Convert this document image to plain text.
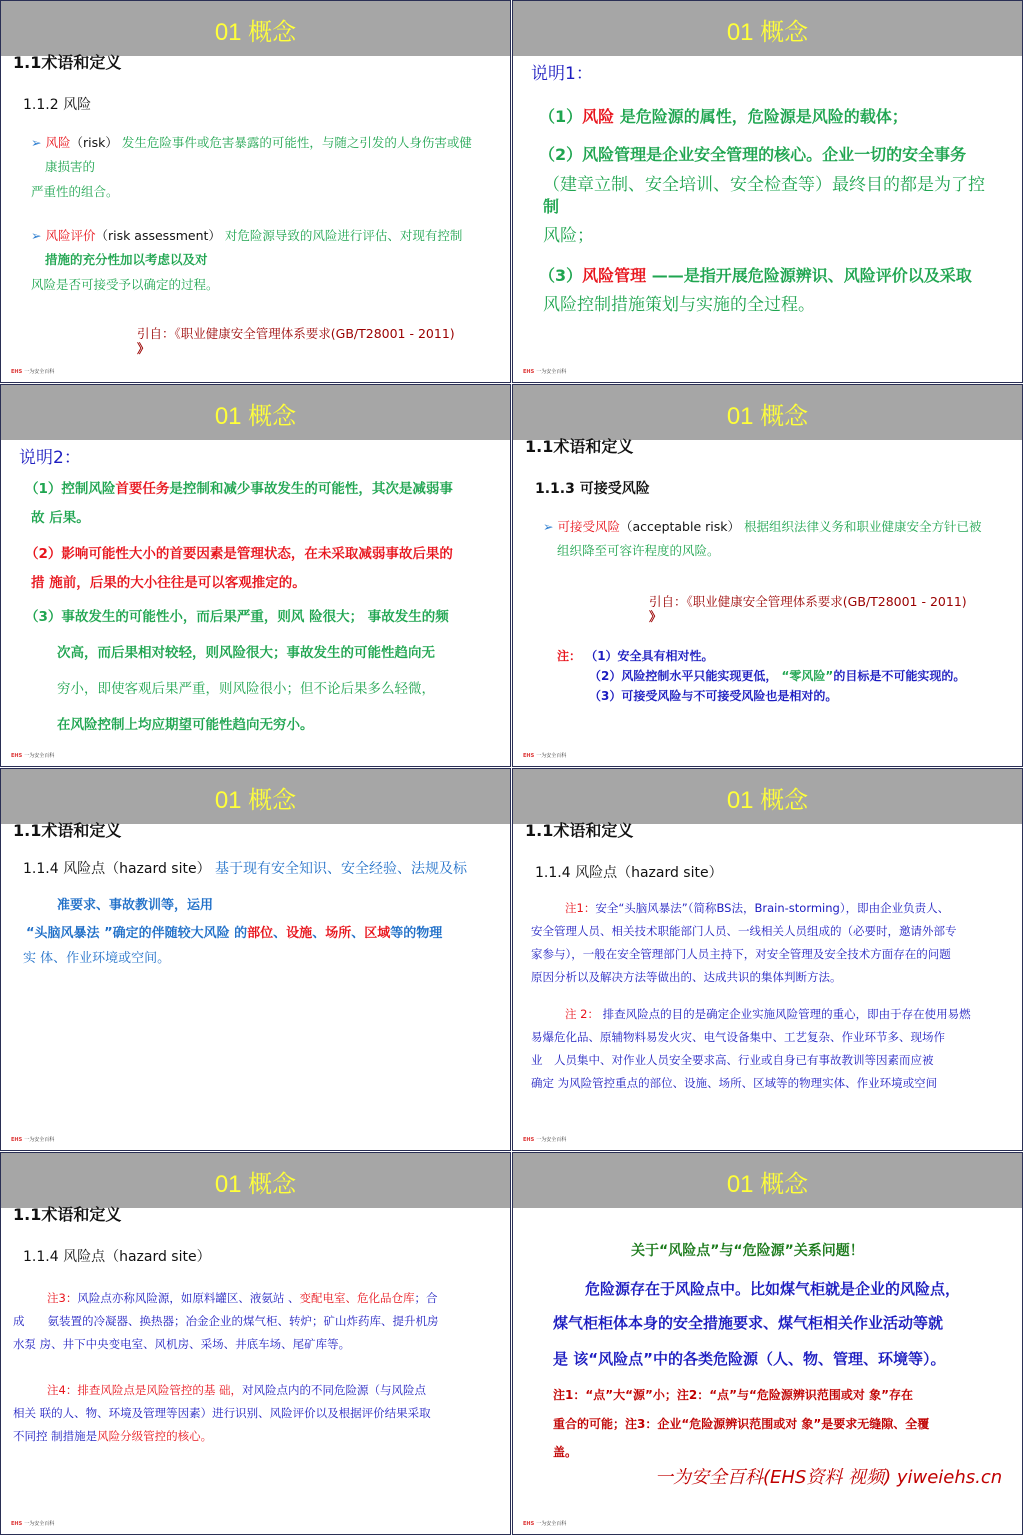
01 概念
1.1术语和定义
1.1.2 风险
➢ 风险（risk） 发生危险事件或危害暴露的可能性，与随之引发的人身伤害或健
康损害的
严重性的组合。
➢ 风险评价（risk assessment） 对危险源导致的风险进行评估、对现有控制
措施的充分性加以考虑以及对
风险是否可接受予以确定的过程。
引自：《职业健康安全管理体系要求(GB/T28001 - 2011)
》
EHS 一为安全百科
01 概念
说明1：
（1）风险 是危险源的属性，危险源是风险的载体；
（2）风险管理是企业安全管理的核心。企业一切的安全事务
（建章立制、安全培训、安全检查等）最终目的都是为了控
制
风险；
（3）风险管理 ——是指开展危险源辨识、风险评价以及采取
风险控制措施策划与实施的全过程。
EHS 一为安全百科
01 概念
说明2：
（1）控制风险首要任务是控制和减少事故发生的可能性，其次是减弱事
故 后果。
（2）影响可能性大小的首要因素是管理状态，在未采取减弱事故后果的
措 施前，后果的大小往往是可以客观推定的。
（3）事故发生的可能性小，而后果严重，则风 险很大； 事故发生的频
次高，而后果相对较轻，则风险很大；事故发生的可能性趋向无
穷小，即使客观后果严重，则风险很小；但不论后果多么轻微，
在风险控制上均应期望可能性趋向无穷小。
EHS 一为安全百科
01 概念
1.1术语和定义
1.1.3 可接受风险
➢ 可接受风险（acceptable risk） 根据组织法律义务和职业健康安全方针已被
组织降至可容许程度的风险。
引自：《职业健康安全管理体系要求(GB/T28001 - 2011)
》
注： （1）安全具有相对性。
（2）风险控制水平只能实现更低， “零风险”的目标是不可能实现的。
（3）可接受风险与不可接受风险也是相对的。
EHS 一为安全百科
01 概念
1.1术语和定义
1.1.4 风险点（hazard site） 基于现有安全知识、安全经验、法规及标
准要求、事故教训等，运用
“头脑风暴法 ”确定的伴随较大风险 的部位、设施、场所、区域等的物理
实 体、作业环境或空间。
EHS 一为安全百科
01 概念
1.1术语和定义
1.1.4 风险点（hazard site）
注1：安全“头脑风暴法”（简称BS法，Brain-storming），即由企业负责人、
安全管理人员、相关技术职能部门人员、一线相关人员组成的（必要时，邀请外部专
家参与），一般在安全管理部门人员主持下，对安全管理及安全技术方面存在的问题
原因分析以及解决方法等做出的、达成共识的集体判断方法。
注 2： 排查风险点的目的是确定企业实施风险管理的重心，即由于存在使用易燃
易爆危化品、原辅物料易发火灾、电气设备集中、工艺复杂、作业环节多、现场作
业　人员集中、对作业人员安全要求高、行业或自身已有事故教训等因素而应被
确定 为风险管控重点的部位、设施、场所、区域等的物理实体、作业环境或空间
EHS 一为安全百科
01 概念
1.1术语和定义
1.1.4 风险点（hazard site）
注3：风险点亦称风险源，如原料罐区、液氨站 、变配电室、危化品仓库；合
成　　氨装置的冷凝器、换热器；冶金企业的煤气柜、转炉；矿山炸药库、提升机房
水泵 房、井下中央变电室、风机房、采场、井底车场、尾矿库等。
注4：排查风险点是风险管控的基 础，对风险点内的不同危险源（与风险点
相关 联的人、物、环境及管理等因素）进行识别、风险评价以及根据评价结果采取
不同控 制措施是风险分级管控的核心。
EHS 一为安全百科
01 概念
关于“风险点”与“危险源”关系问题！
危险源存在于风险点中。比如煤气柜就是企业的风险点，
煤气柜柜体本身的安全措施要求、煤气柜相关作业活动等就
是 该“风险点”中的各类危险源（人、物、管理、环境等）。
注1：“点”大“源”小；注2：“点”与“危险源辨识范围或对 象”存在
重合的可能；注3：企业“危险源辨识范围或对 象”是要求无缝隙、全覆
盖。
一为安全百科(EHS资料 视频) yiweiehs.cn
EHS 一为安全百科
